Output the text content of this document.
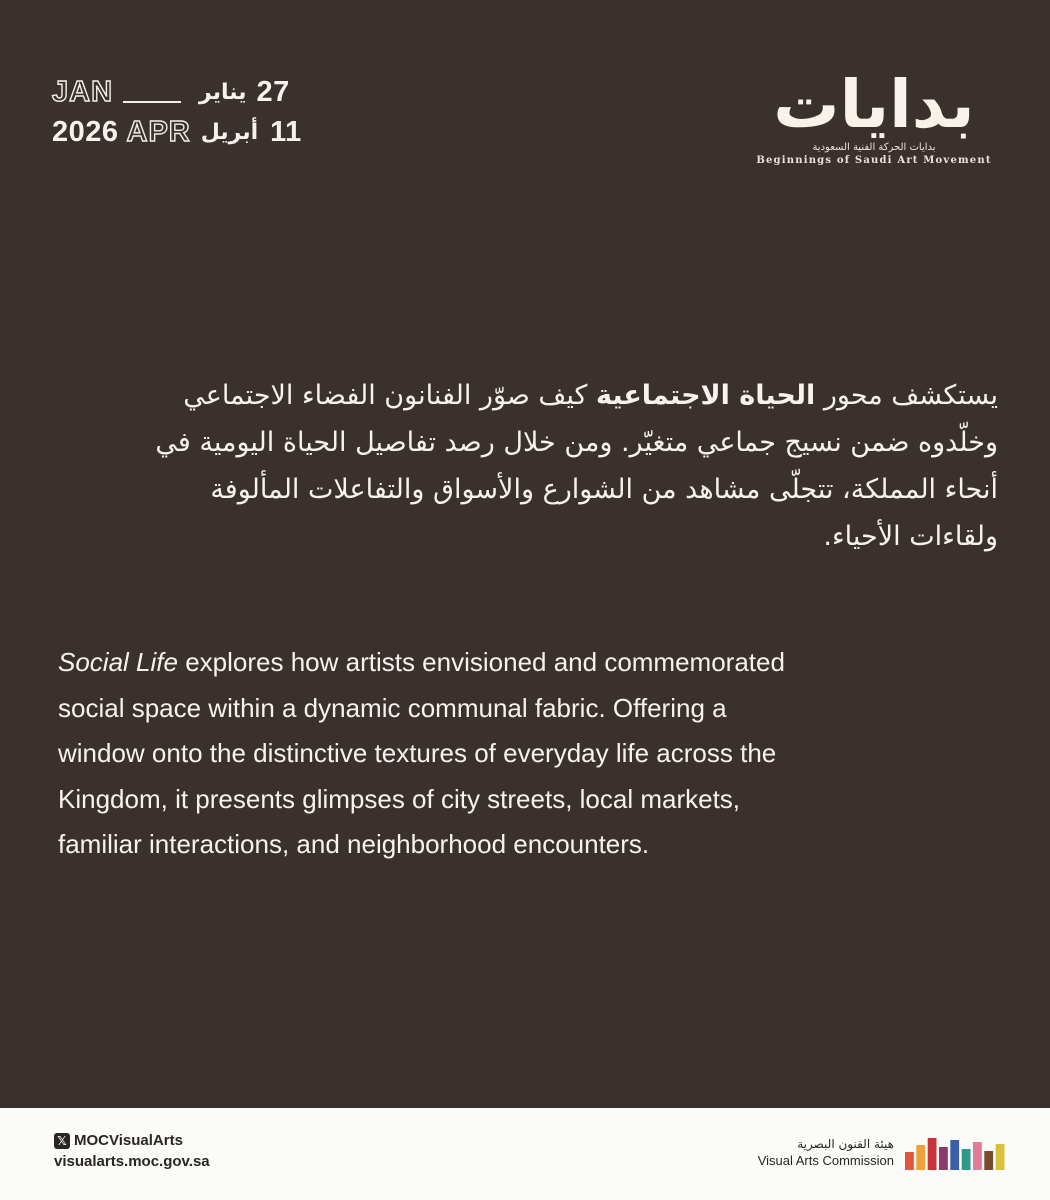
JAN	يناير 27
2026 APR أبريل 11	بدايات
بدايات الحركة الفنية السعودية
Beginnings of Saudi Art Movement

يستكشف محور الحياة الاجتماعية كيف صوّر الفنانون الفضاء الاجتماعي وخلّدوه ضمن نسيج جماعي متغيّر. ومن خلال رصد تفاصيل الحياة اليومية في أنحاء المملكة، تتجلّى مشاهد من الشوارع والأسواق والتفاعلات المألوفة ولقاءات الأحياء.

Social Life explores how artists envisioned and commemorated social space within a dynamic communal fabric. Offering a window onto the distinctive textures of everyday life across the Kingdom, it presents glimpses of city streets, local markets, familiar interactions, and neighborhood encounters.

𝕏 MOCVisualArts
visualarts.moc.gov.sa
هيئة الفنون البصرية
Visual Arts Commission
